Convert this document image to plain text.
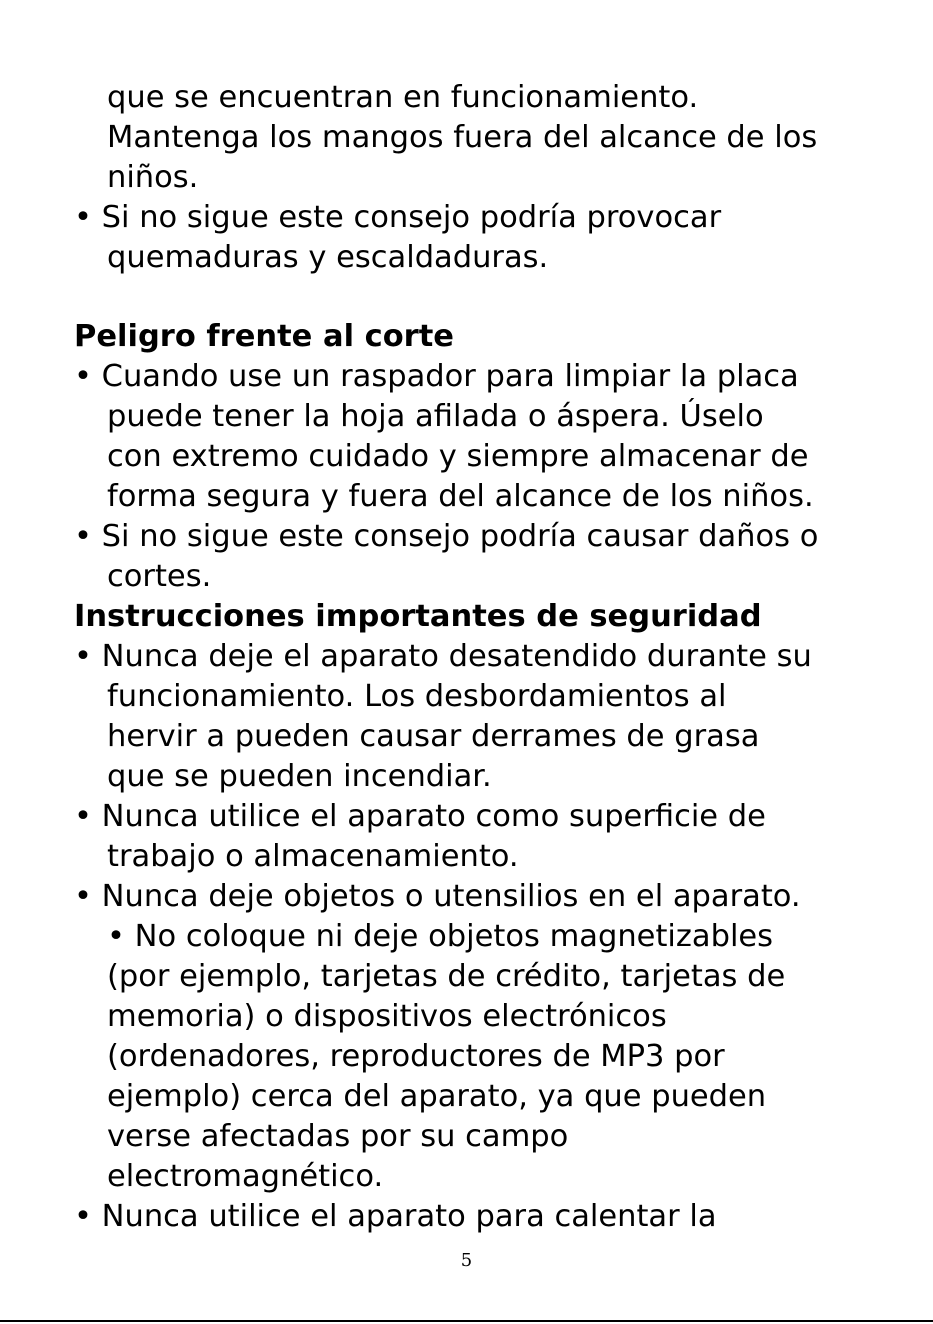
que se encuentran en funcionamiento.
Mantenga los mangos fuera del alcance de los
niños.
• Si no sigue este consejo podría provocar
quemaduras y escaldaduras.
Peligro frente al corte
• Cuando use un raspador para limpiar la placa
puede tener la hoja afilada o áspera. Úselo
con extremo cuidado y siempre almacenar de
forma segura y fuera del alcance de los niños.
• Si no sigue este consejo podría causar daños o
cortes.
Instrucciones importantes de seguridad
• Nunca deje el aparato desatendido durante su
funcionamiento. Los desbordamientos al
hervir a pueden causar derrames de grasa
que se pueden incendiar.
• Nunca utilice el aparato como superficie de
trabajo o almacenamiento.
• Nunca deje objetos o utensilios en el aparato.
• No coloque ni deje objetos magnetizables
(por ejemplo, tarjetas de crédito, tarjetas de
memoria) o dispositivos electrónicos
(ordenadores, reproductores de MP3 por
ejemplo) cerca del aparato, ya que pueden
verse afectadas por su campo
electromagnético.
• Nunca utilice el aparato para calentar la
5
